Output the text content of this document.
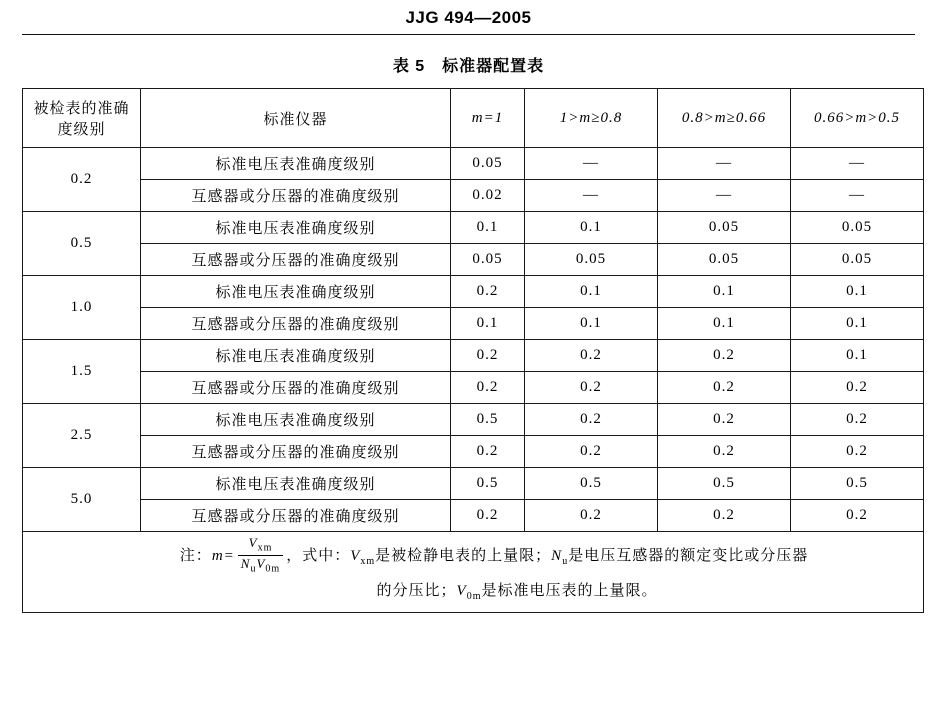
JJG 494—2005
表 5　标准器配置表
被检表的准确度级别	标准仪器	m=1	1>m≥0.8	0.8>m≥0.66	0.66>m>0.5
0.2	标准电压表准确度级别	0.05	—	—	—
	互感器或分压器的准确度级别	0.02	—	—	—
0.5	标准电压表准确度级别	0.1	0.1	0.05	0.05
	互感器或分压器的准确度级别	0.05	0.05	0.05	0.05
1.0	标准电压表准确度级别	0.2	0.1	0.1	0.1
	互感器或分压器的准确度级别	0.1	0.1	0.1	0.1
1.5	标准电压表准确度级别	0.2	0.2	0.2	0.1
	互感器或分压器的准确度级别	0.2	0.2	0.2	0.2
2.5	标准电压表准确度级别	0.5	0.2	0.2	0.2
	互感器或分压器的准确度级别	0.2	0.2	0.2	0.2
5.0	标准电压表准确度级别	0.5	0.5	0.5	0.5
	互感器或分压器的准确度级别	0.2	0.2	0.2	0.2

注：$m= \frac{V_{xm}}{N_uV_{0m}}$ ，式中：$V_{xm}$是被检静电表的上量限；$N_u$是电压互感器的额定变比或分压器
的分压比；$V_{0m}$是标准电压表的上量限。					
